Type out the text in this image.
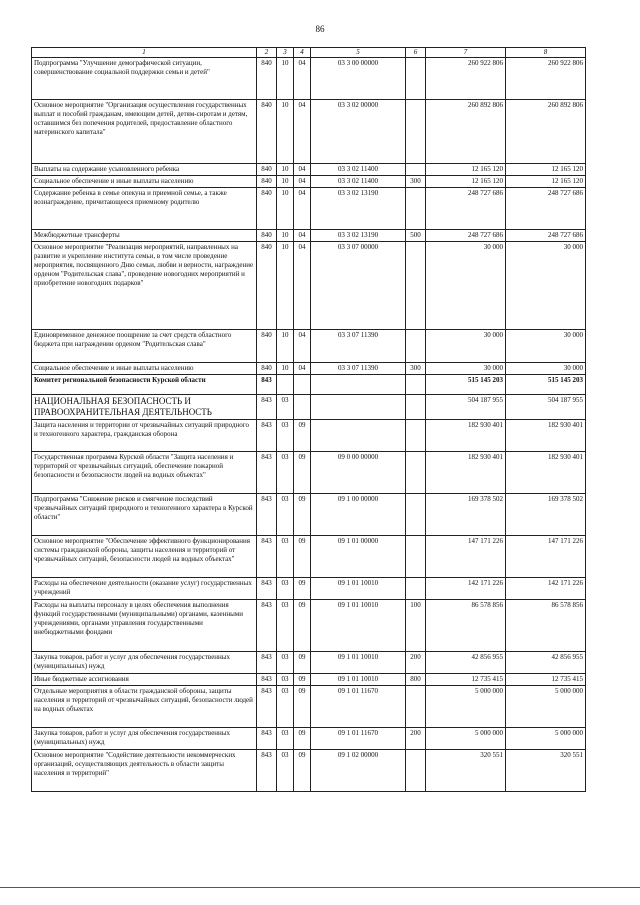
86
1	2	3	4	5	6	7	8
Подпрограмма "Улучшение демографической ситуации, совершенствование социальной поддержки семьи и детей"	840	10	04	03 3 00 00000		260 922 806	260 922 806
Основное мероприятие "Организация осуществления государственных выплат и пособий гражданам, имеющим детей, детям-сиротам и детям, оставшимся без попечения родителей, предоставление областного материнского капитала"	840	10	04	03 3 02 00000		260 892 806	260 892 806
Выплаты на содержание усыновленного ребенка	840	10	04	03 3 02 11400		12 165 120	12 165 120
Социальное обеспечение и иные выплаты населению	840	10	04	03 3 02 11400	300	12 165 120	12 165 120
Содержание ребенка в семье опекуна и приемной семье, а также вознаграждение, причитающееся приемному родителю	840	10	04	03 3 02 13190		248 727 686	248 727 686
Межбюджетные трансферты	840	10	04	03 3 02 13190	500	248 727 686	248 727 686
Основное мероприятие "Реализация мероприятий, направленных на развитие и укрепление института семьи, в том числе проведение мероприятия, посвященного Дню семьи, любви и верности, награждение орденом "Родительская слава", проведение новогодних мероприятий и приобретение новогодних подарков"	840	10	04	03 3 07 00000		30 000	30 000
Единовременное денежное поощрение за счет средств областного бюджета при награждении орденом "Родительская слава"	840	10	04	03 3 07 11390		30 000	30 000
Социальное обеспечение и иные выплаты населению	840	10	04	03 3 07 11390	300	30 000	30 000
Комитет региональной безопасности Курской области	843					515 145 203	515 145 203
НАЦИОНАЛЬНАЯ БЕЗОПАСНОСТЬ И ПРАВООХРАНИТЕЛЬНАЯ ДЕЯТЕЛЬНОСТЬ	843	03				504 187 955	504 187 955
Защита населения и территории от чрезвычайных ситуаций природного и техногенного характера, гражданская оборона	843	03	09			182 930 401	182 930 401
Государственная программа Курской области "Защита населения и территорий от чрезвычайных ситуаций, обеспечение пожарной безопасности и безопасности людей на водных объектах"	843	03	09	09 0 00 00000		182 930 401	182 930 401
Подпрограмма "Снижение рисков и смягчение последствий чрезвычайных ситуаций природного и техногенного характера в Курской области"	843	03	09	09 1 00 00000		169 378 502	169 378 502
Основное мероприятие "Обеспечение эффективного функционирования системы гражданской обороны, защиты населения и территорий от чрезвычайных ситуаций, безопасности людей на водных объектах"	843	03	09	09 1 01 00000		147 171 226	147 171 226
Расходы на обеспечение деятельности (оказание услуг) государственных учреждений	843	03	09	09 1 01 10010		142 171 226	142 171 226
Расходы на выплаты персоналу в целях обеспечения выполнения функций государственными (муниципальными) органами, казенными учреждениями, органами управления государственными внебюджетными фондами	843	03	09	09 1 01 10010	100	86 578 856	86 578 856
Закупка товаров, работ и услуг для обеспечения государственных (муниципальных) нужд	843	03	09	09 1 01 10010	200	42 856 955	42 856 955
Иные бюджетные ассигнования	843	03	09	09 1 01 10010	800	12 735 415	12 735 415
Отдельные мероприятия в области гражданской обороны, защиты населения и территорий от чрезвычайных ситуаций, безопасности людей на водных объектах	843	03	09	09 1 01 11670		5 000 000	5 000 000
Закупка товаров, работ и услуг для обеспечения государственных (муниципальных) нужд	843	03	09	09 1 01 11670	200	5 000 000	5 000 000
Основное мероприятие "Содействие деятельности некоммерческих организаций, осуществляющих деятельность в области защиты населения и территорий"	843	03	09	09 1 02 00000		320 551	320 551
